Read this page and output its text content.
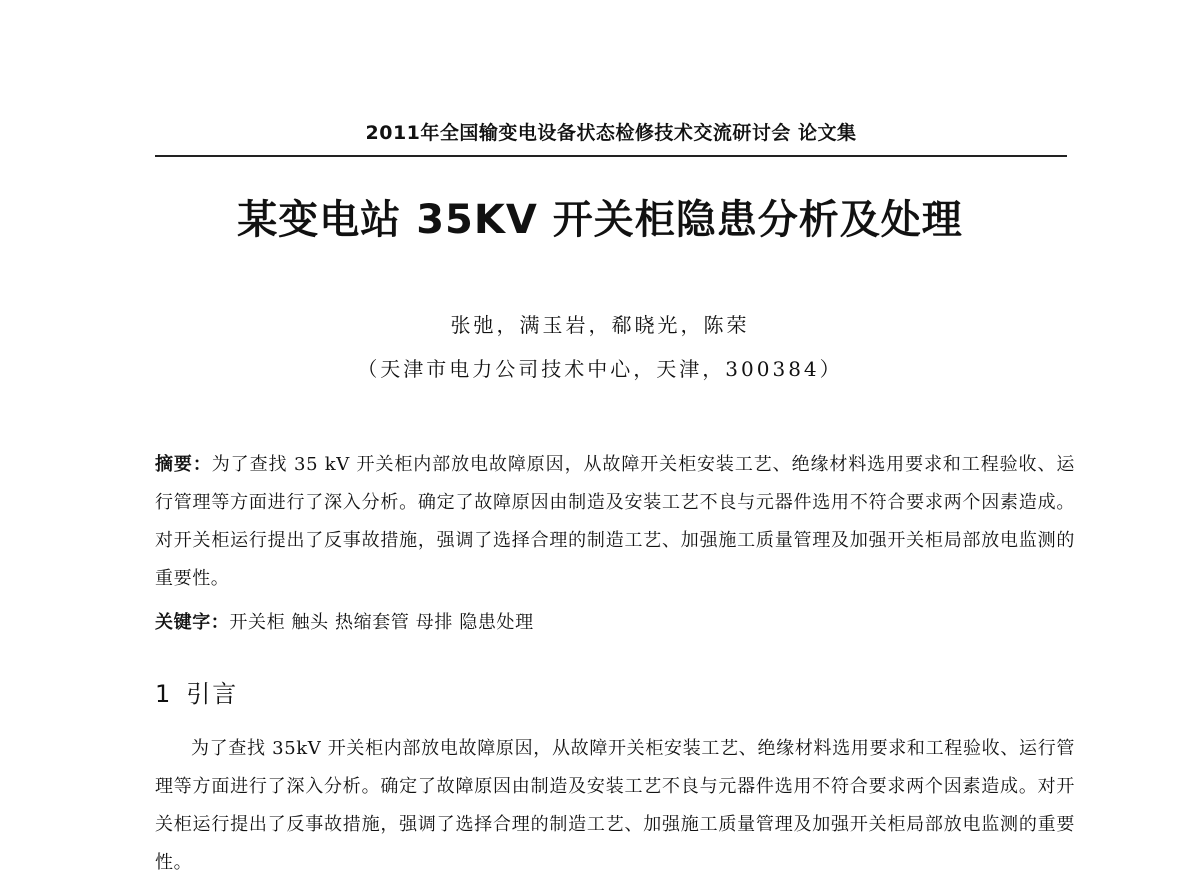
2011年全国输变电设备状态检修技术交流研讨会 论文集
某变电站 35KV 开关柜隐患分析及处理
张弛，满玉岩，郗晓光，陈荣
（天津市电力公司技术中心，天津，300384）

摘要：为了查找 35 kV 开关柜内部放电故障原因，从故障开关柜安装工艺、绝缘材料选用要求和工程验收、运行管理等方面进行了深入分析。确定了故障原因由制造及安装工艺不良与元器件选用不符合要求两个因素造成。对开关柜运行提出了反事故措施，强调了选择合理的制造工艺、加强施工质量管理及加强开关柜局部放电监测的重要性。

关键字：开关柜 触头 热缩套管 母排 隐患处理
1 引言

为了查找 35kV 开关柜内部放电故障原因，从故障开关柜安装工艺、绝缘材料选用要求和工程验收、运行管理等方面进行了深入分析。确定了故障原因由制造及安装工艺不良与元器件选用不符合要求两个因素造成。对开关柜运行提出了反事故措施，强调了选择合理的制造工艺、加强施工质量管理及加强开关柜局部放电监测的重要性。
